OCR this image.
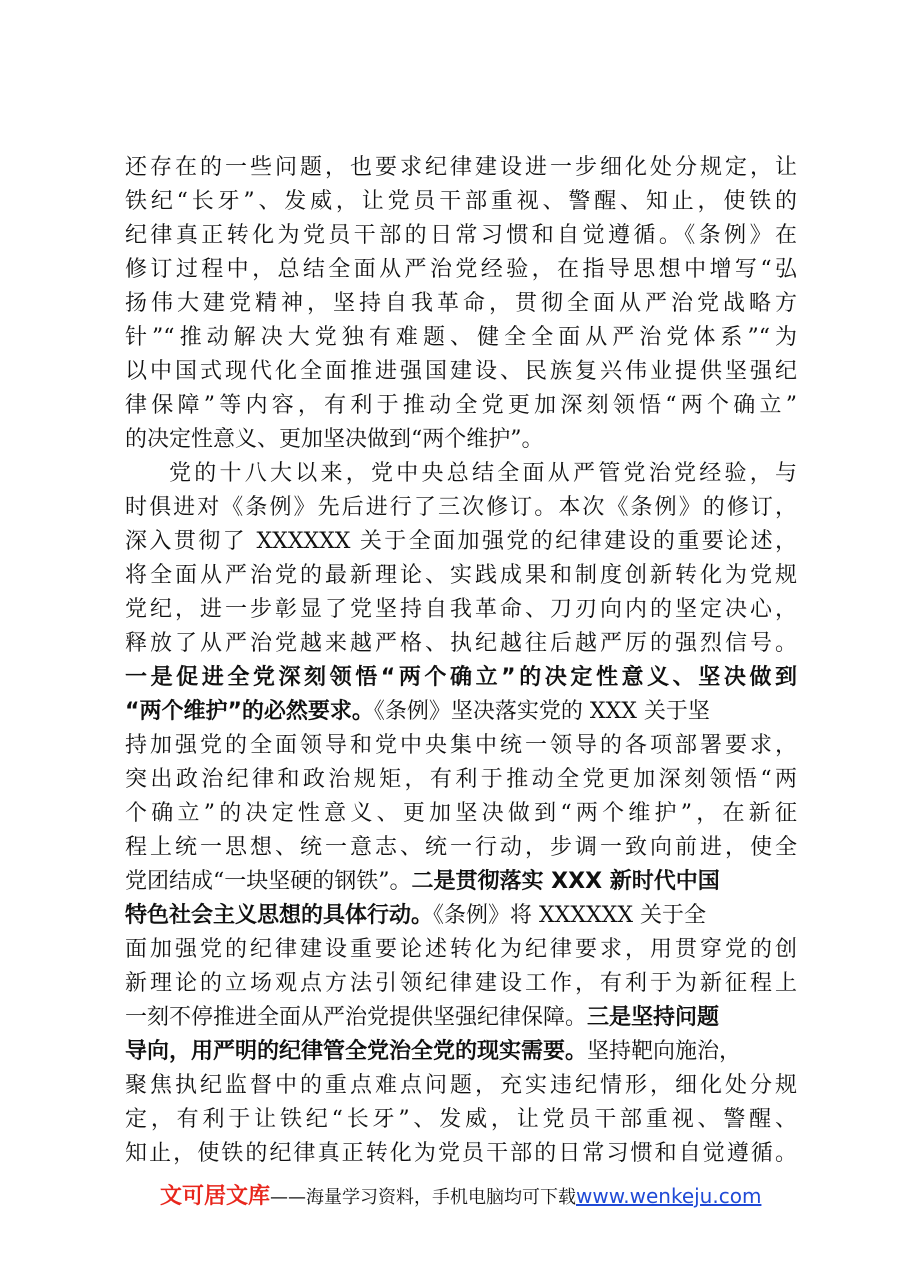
还存在的一些问题，也要求纪律建设进一步细化处分规定，让
铁纪“长牙”、发威，让党员干部重视、警醒、知止，使铁的
纪律真正转化为党员干部的日常习惯和自觉遵循。《条例》在
修订过程中，总结全面从严治党经验，在指导思想中增写“弘
扬伟大建党精神，坚持自我革命，贯彻全面从严治党战略方
针”“推动解决大党独有难题、健全全面从严治党体系”“为
以中国式现代化全面推进强国建设、民族复兴伟业提供坚强纪
律保障”等内容，有利于推动全党更加深刻领悟“两个确立”
的决定性意义、更加坚决做到“两个维护”。
党的十八大以来，党中央总结全面从严管党治党经验，与
时俱进对《条例》先后进行了三次修订。本次《条例》的修订，
深入贯彻了 XXXXXX 关于全面加强党的纪律建设的重要论述，
将全面从严治党的最新理论、实践成果和制度创新转化为党规
党纪，进一步彰显了党坚持自我革命、刀刃向内的坚定决心，
释放了从严治党越来越严格、执纪越往后越严厉的强烈信号。
一是促进全党深刻领悟“两个确立”的决定性意义、坚决做到
“两个维护”的必然要求。《条例》坚决落实党的 XXX 关于坚
持加强党的全面领导和党中央集中统一领导的各项部署要求，
突出政治纪律和政治规矩，有利于推动全党更加深刻领悟“两
个确立”的决定性意义、更加坚决做到“两个维护”，在新征
程上统一思想、统一意志、统一行动，步调一致向前进，使全
党团结成“一块坚硬的钢铁”。二是贯彻落实 XXX 新时代中国
特色社会主义思想的具体行动。《条例》将 XXXXXX 关于全
面加强党的纪律建设重要论述转化为纪律要求，用贯穿党的创
新理论的立场观点方法引领纪律建设工作，有利于为新征程上
一刻不停推进全面从严治党提供坚强纪律保障。三是坚持问题
导向，用严明的纪律管全党治全党的现实需要。坚持靶向施治，
聚焦执纪监督中的重点难点问题，充实违纪情形，细化处分规
定，有利于让铁纪“长牙”、发威，让党员干部重视、警醒、
知止，使铁的纪律真正转化为党员干部的日常习惯和自觉遵循。
文可居文库——海量学习资料，手机电脑均可下载www.wenkeju.com
